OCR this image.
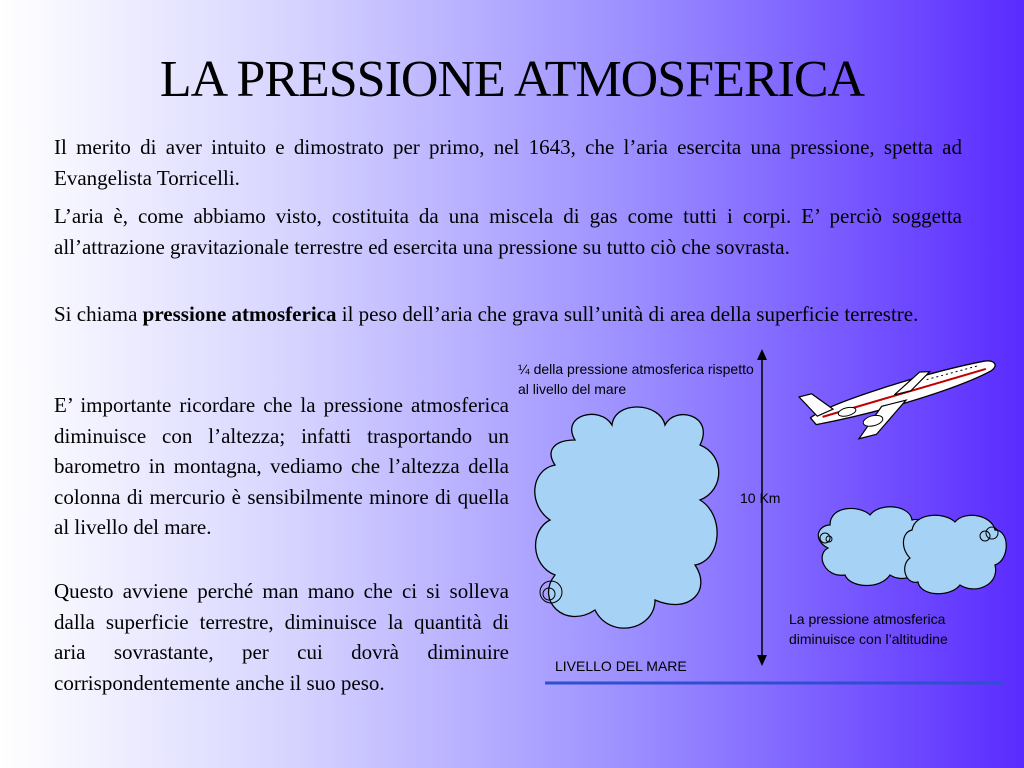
LA PRESSIONE ATMOSFERICA

Il merito di aver intuito e dimostrato per primo, nel 1643, che l’aria esercita una pressione, spetta ad Evangelista Torricelli.

L’aria è, come abbiamo visto, costituita da una miscela di gas come tutti i corpi. E’ perciò soggetta all’attrazione gravitazionale terrestre ed esercita una pressione su tutto ciò che sovrasta.

Si chiama pressione atmosferica il peso dell’aria che grava sull’unità di area della superficie terrestre.

E’ importante ricordare che la pressione atmosferica diminuisce con l’altezza; infatti trasportando un barometro in montagna, vediamo che l’altezza della colonna di mercurio è sensibilmente minore di quella al livello del mare.

Questo avviene perché man mano che ci si solleva dalla superficie terrestre, diminuisce la quantità di aria sovrastante, per cui dovrà diminuire corrispondentemente anche il suo peso.

¼ della pressione atmosferica rispetto al livello del mare
10 Km
La pressione atmosferica diminuisce con l’altitudine
LIVELLO DEL MARE
